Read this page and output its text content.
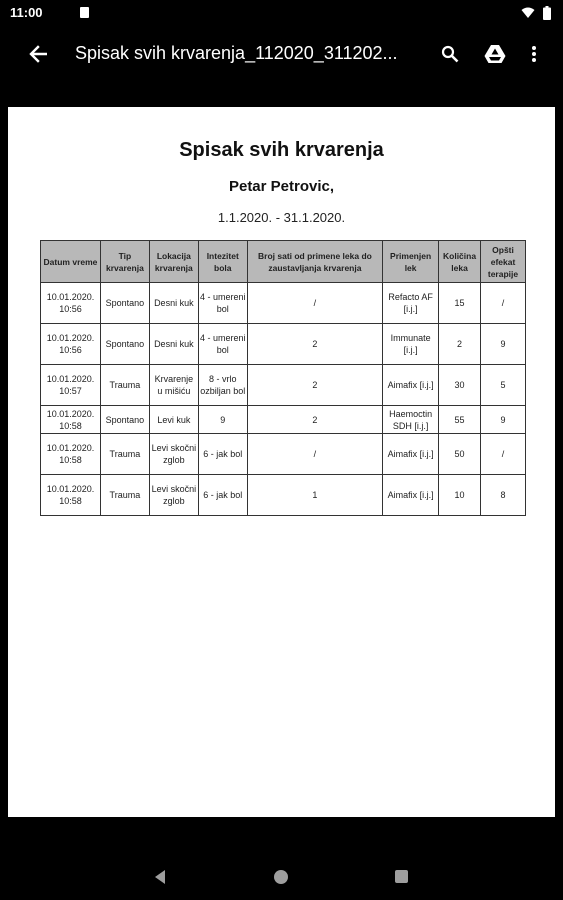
11:00
Spisak svih krvarenja_112020_311202...
Spisak svih krvarenja
Petar Petrovic,
1.1.2020. - 31.1.2020.
Datum vreme	Tip krvarenja	Lokacija krvarenja	Intezitet bola	Broj sati od primene leka do zaustavljanja krvarenja	Primenjen lek	Količina leka	Opšti efekat terapije
10.01.2020. 10:56	Spontano	Desni kuk	4 - umereni bol	/	Refacto AF [i.j.]	15	/
10.01.2020. 10:56	Spontano	Desni kuk	4 - umereni bol	2	Immunate [i.j.]	2	9
10.01.2020. 10:57	Trauma	Krvarenje u mišiću	8 - vrlo ozbiljan bol	2	Aimafix [i.j.]	30	5
10.01.2020. 10:58	Spontano	Levi kuk	9	2	Haemoctin SDH [i.j.]	55	9
10.01.2020. 10:58	Trauma	Levi skočni zglob	6 - jak bol	/	Aimafix [i.j.]	50	/
10.01.2020. 10:58	Trauma	Levi skočni zglob	6 - jak bol	1	Aimafix [i.j.]	10	8
